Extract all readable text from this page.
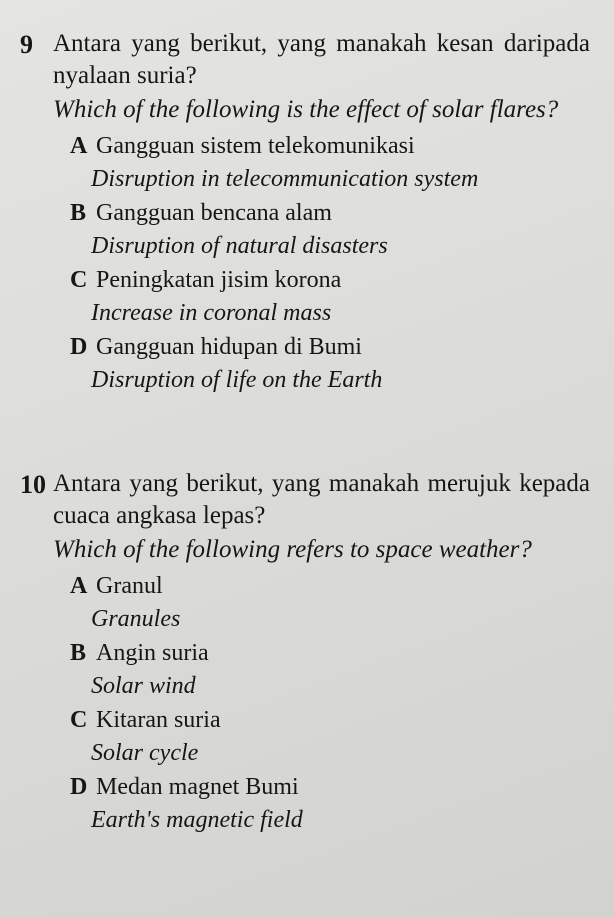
9 Antara yang berikut, yang manakah kesan daripada nyalaan suria?
Which of the following is the effect of solar flares?
A Gangguan sistem telekomunikasi
Disruption in telecommunication system
B Gangguan bencana alam
Disruption of natural disasters
C Peningkatan jisim korona
Increase in coronal mass
D Gangguan hidupan di Bumi
Disruption of life on the Earth
10 Antara yang berikut, yang manakah merujuk kepada cuaca angkasa lepas?
Which of the following refers to space weather?
A Granul
Granules
B Angin suria
Solar wind
C Kitaran suria
Solar cycle
D Medan magnet Bumi
Earth's magnetic field
